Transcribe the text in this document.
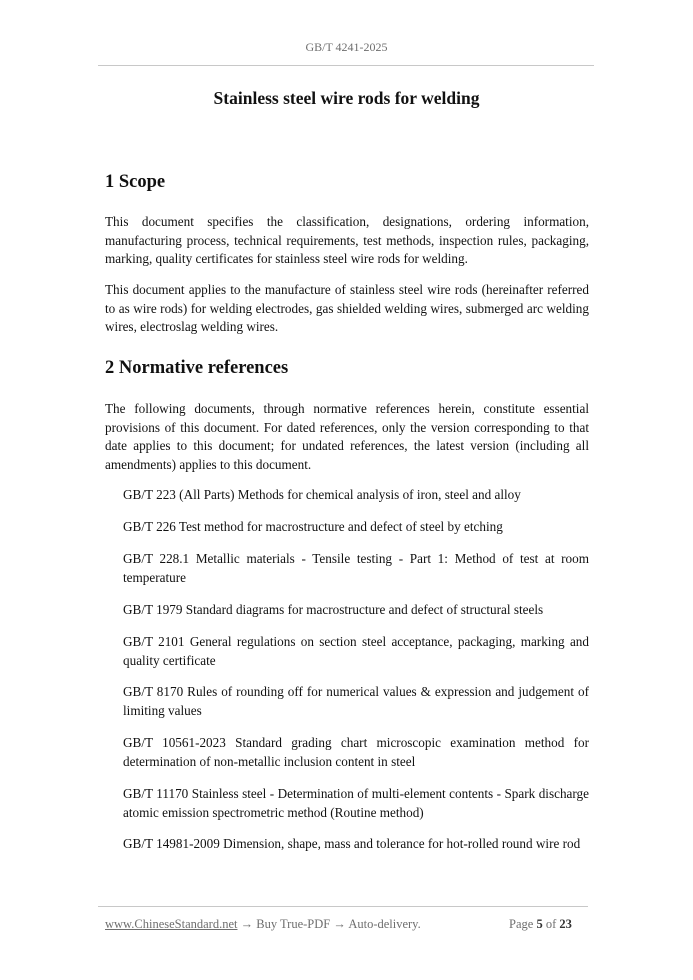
GB/T 4241-2025
Stainless steel wire rods for welding
1 Scope

This document specifies the classification, designations, ordering information, manufacturing process, technical requirements, test methods, inspection rules, packaging, marking, quality certificates for stainless steel wire rods for welding.

This document applies to the manufacture of stainless steel wire rods (hereinafter referred to as wire rods) for welding electrodes, gas shielded welding wires, submerged arc welding wires, electroslag welding wires.

2 Normative references

The following documents, through normative references herein, constitute essential provisions of this document. For dated references, only the version corresponding to that date applies to this document; for undated references, the latest version (including all amendments) applies to this document.

GB/T 223 (All Parts) Methods for chemical analysis of iron, steel and alloy

GB/T 226 Test method for macrostructure and defect of steel by etching

GB/T 228.1 Metallic materials - Tensile testing - Part 1: Method of test at room temperature

GB/T 1979 Standard diagrams for macrostructure and defect of structural steels

GB/T 2101 General regulations on section steel acceptance, packaging, marking and quality certificate

GB/T 8170 Rules of rounding off for numerical values & expression and judgement of limiting values

GB/T 10561-2023 Standard grading chart microscopic examination method for determination of non-metallic inclusion content in steel

GB/T 11170 Stainless steel - Determination of multi-element contents - Spark discharge atomic emission spectrometric method (Routine method)

GB/T 14981-2009 Dimension, shape, mass and tolerance for hot-rolled round wire rod

www.ChineseStandard.net → Buy True-PDF → Auto-delivery.	Page 5 of 23
